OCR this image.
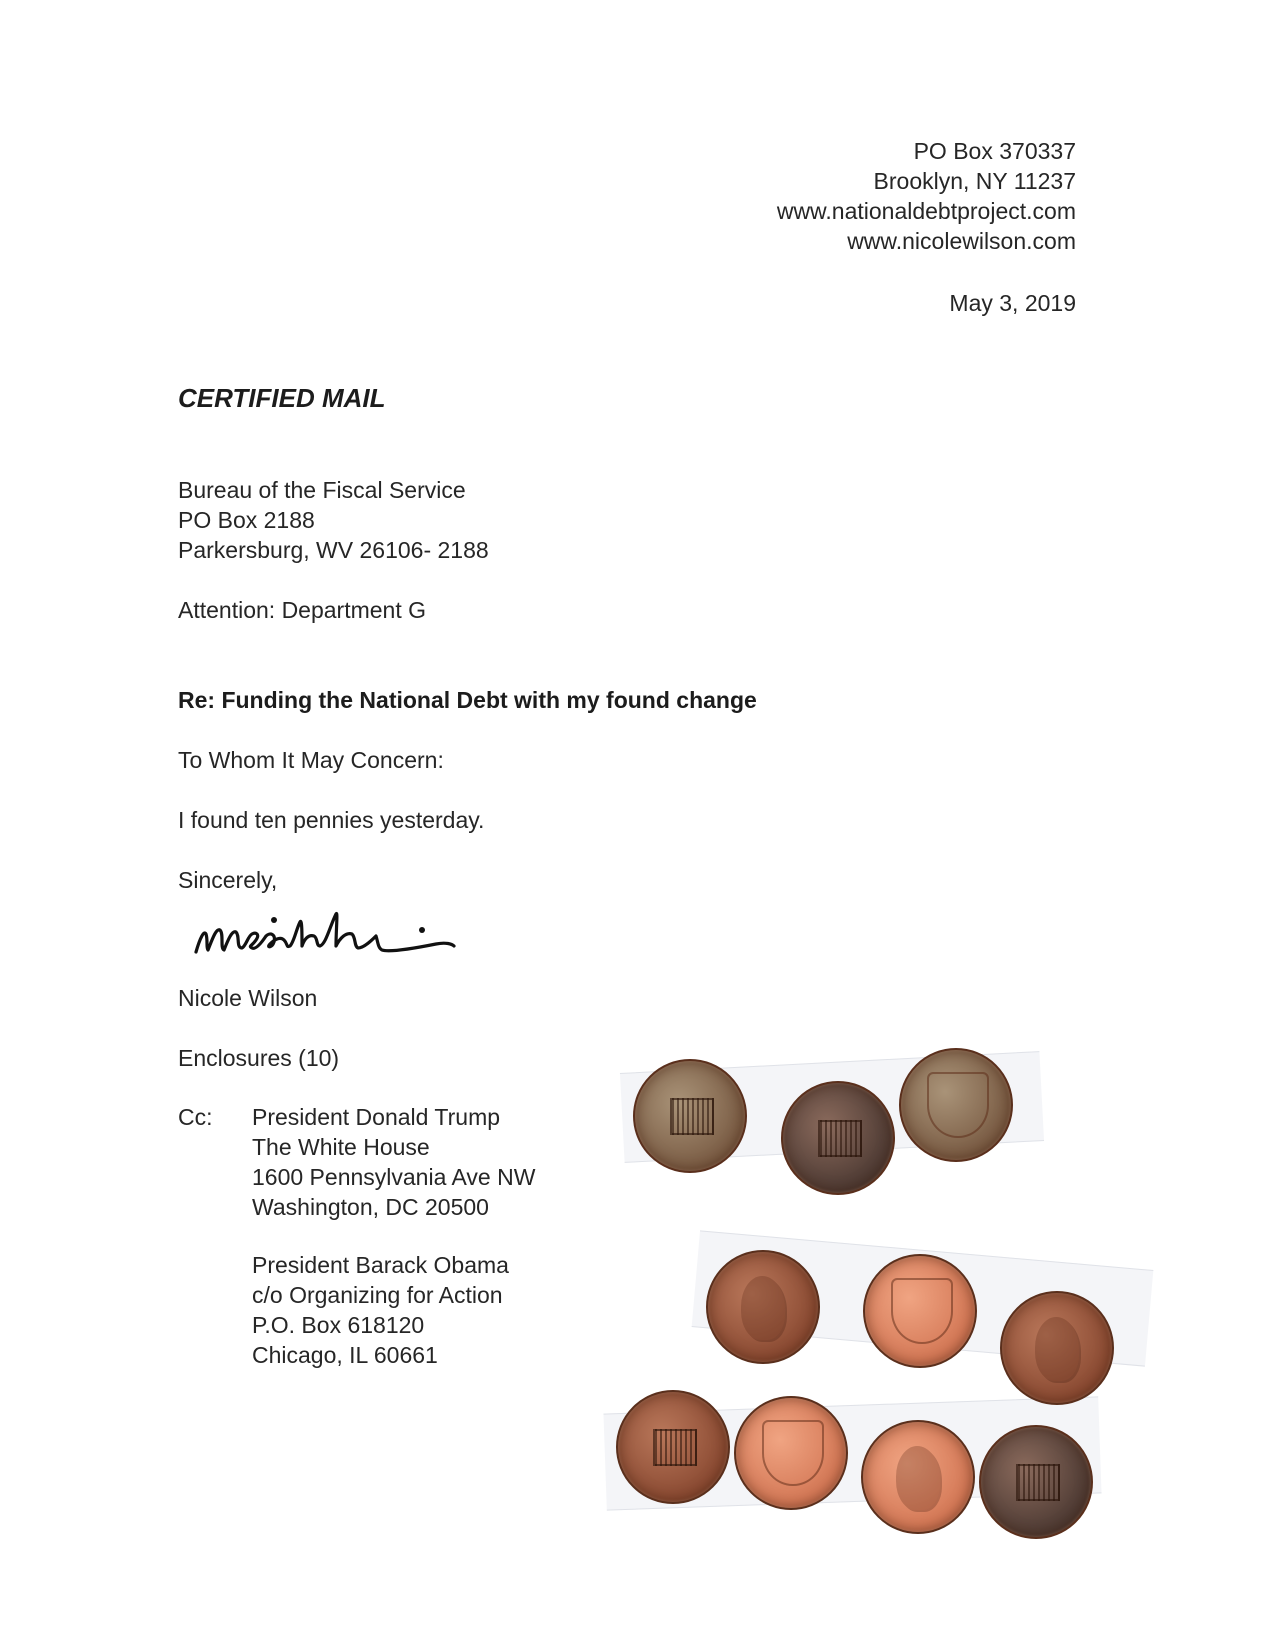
PO Box 370337
Brooklyn, NY 11237
www.nationaldebtproject.com
www.nicolewilson.com
May 3, 2019
CERTIFIED MAIL
Bureau of the Fiscal Service
PO Box 2188
Parkersburg, WV 26106- 2188
Attention: Department G
Re: Funding the National Debt with my found change
To Whom It May Concern:
I found ten pennies yesterday.
Sincerely,
Nicole Wilson
Enclosures (10)
Cc: President Donald Trump
The White House
1600 Pennsylvania Ave NW
Washington, DC 20500
President Barack Obama
c/o Organizing for Action
P.O. Box 618120
Chicago, IL 60661
